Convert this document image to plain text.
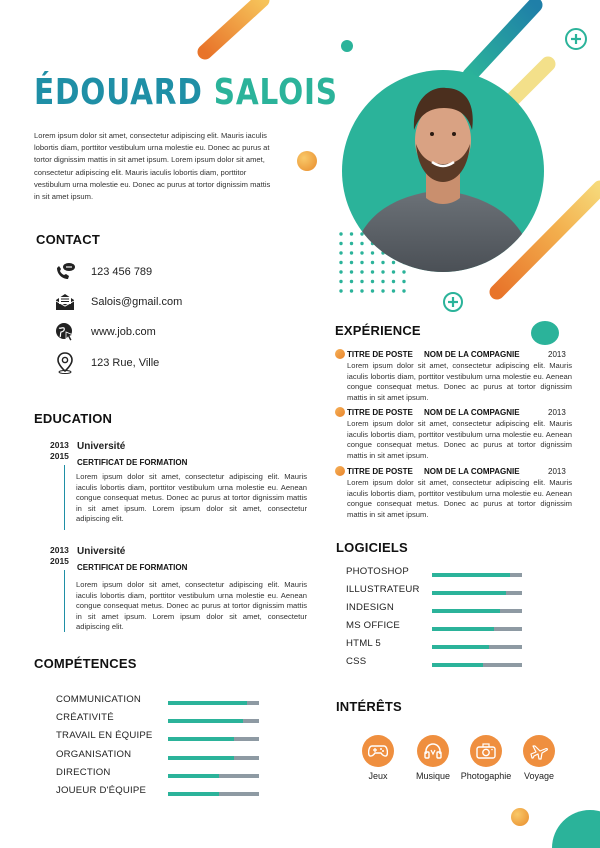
ÉDOUARD SALOIS
Lorem ipsum dolor sit amet, consectetur adipiscing elit. Mauris iaculis lobortis diam, porttitor vestibulum urna molestie eu. Donec ac purus at tortor dignissim mattis in sit amet ipsum. Lorem ipsum dolor sit amet, consectetur adipiscing elit. Mauris iaculis lobortis diam, porttitor vestibulum urna molestie eu. Donec ac purus at tortor dignissim mattis in sit amet ipsum.
CONTACT
123 456 789
Salois@gmail.com
www.job.com
123 Rue, Ville
EDUCATION
2013
2015
Université
CERTIFICAT DE FORMATION
Lorem ipsum dolor sit amet, consectetur adipiscing elit. Mauris iaculis lobortis diam, porttitor vestibulum urna molestie eu. Aenean congue consequat metus. Donec ac purus at tortor dignissim mattis in sit amet ipsum. Lorem ipsum dolor sit amet, consectetur adipiscing elit.
2013
2015
Université
CERTIFICAT DE FORMATION
Lorem ipsum dolor sit amet, consectetur adipiscing elit. Mauris iaculis lobortis diam, porttitor vestibulum urna molestie eu. Aenean congue consequat metus. Donec ac purus at tortor dignissim mattis in sit amet ipsum. Lorem ipsum dolor sit amet, consectetur adipiscing elit.
COMPÉTENCES
COMMUNICATION
CRÉATIVITÉ
TRAVAIL EN ÉQUIPE
ORGANISATION
DIRECTION
JOUEUR D'ÉQUIPE
EXPÉRIENCE
TITRE DE POSTE NOM DE LA COMPAGNIE	2013
Lorem ipsum dolor sit amet, consectetur adipiscing elit. Mauris iaculis lobortis diam, porttitor vestibulum urna molestie eu. Aenean congue consequat metus. Donec ac purus at tortor dignissim mattis in sit amet ipsum.
TITRE DE POSTE NOM DE LA COMPAGNIE	2013
Lorem ipsum dolor sit amet, consectetur adipiscing elit. Mauris iaculis lobortis diam, porttitor vestibulum urna molestie eu. Aenean congue consequat metus. Donec ac purus at tortor dignissim mattis in sit amet ipsum.
TITRE DE POSTE NOM DE LA COMPAGNIE	2013
Lorem ipsum dolor sit amet, consectetur adipiscing elit. Mauris iaculis lobortis diam, porttitor vestibulum urna molestie eu. Aenean congue consequat metus. Donec ac purus at tortor dignissim mattis in sit amet ipsum.
LOGICIELS
PHOTOSHOP
ILLUSTRATEUR
INDESIGN
MS OFFICE
HTML 5
CSS
INTÉRÊTS
Jeux	Musique	Photogaphie	Voyage
